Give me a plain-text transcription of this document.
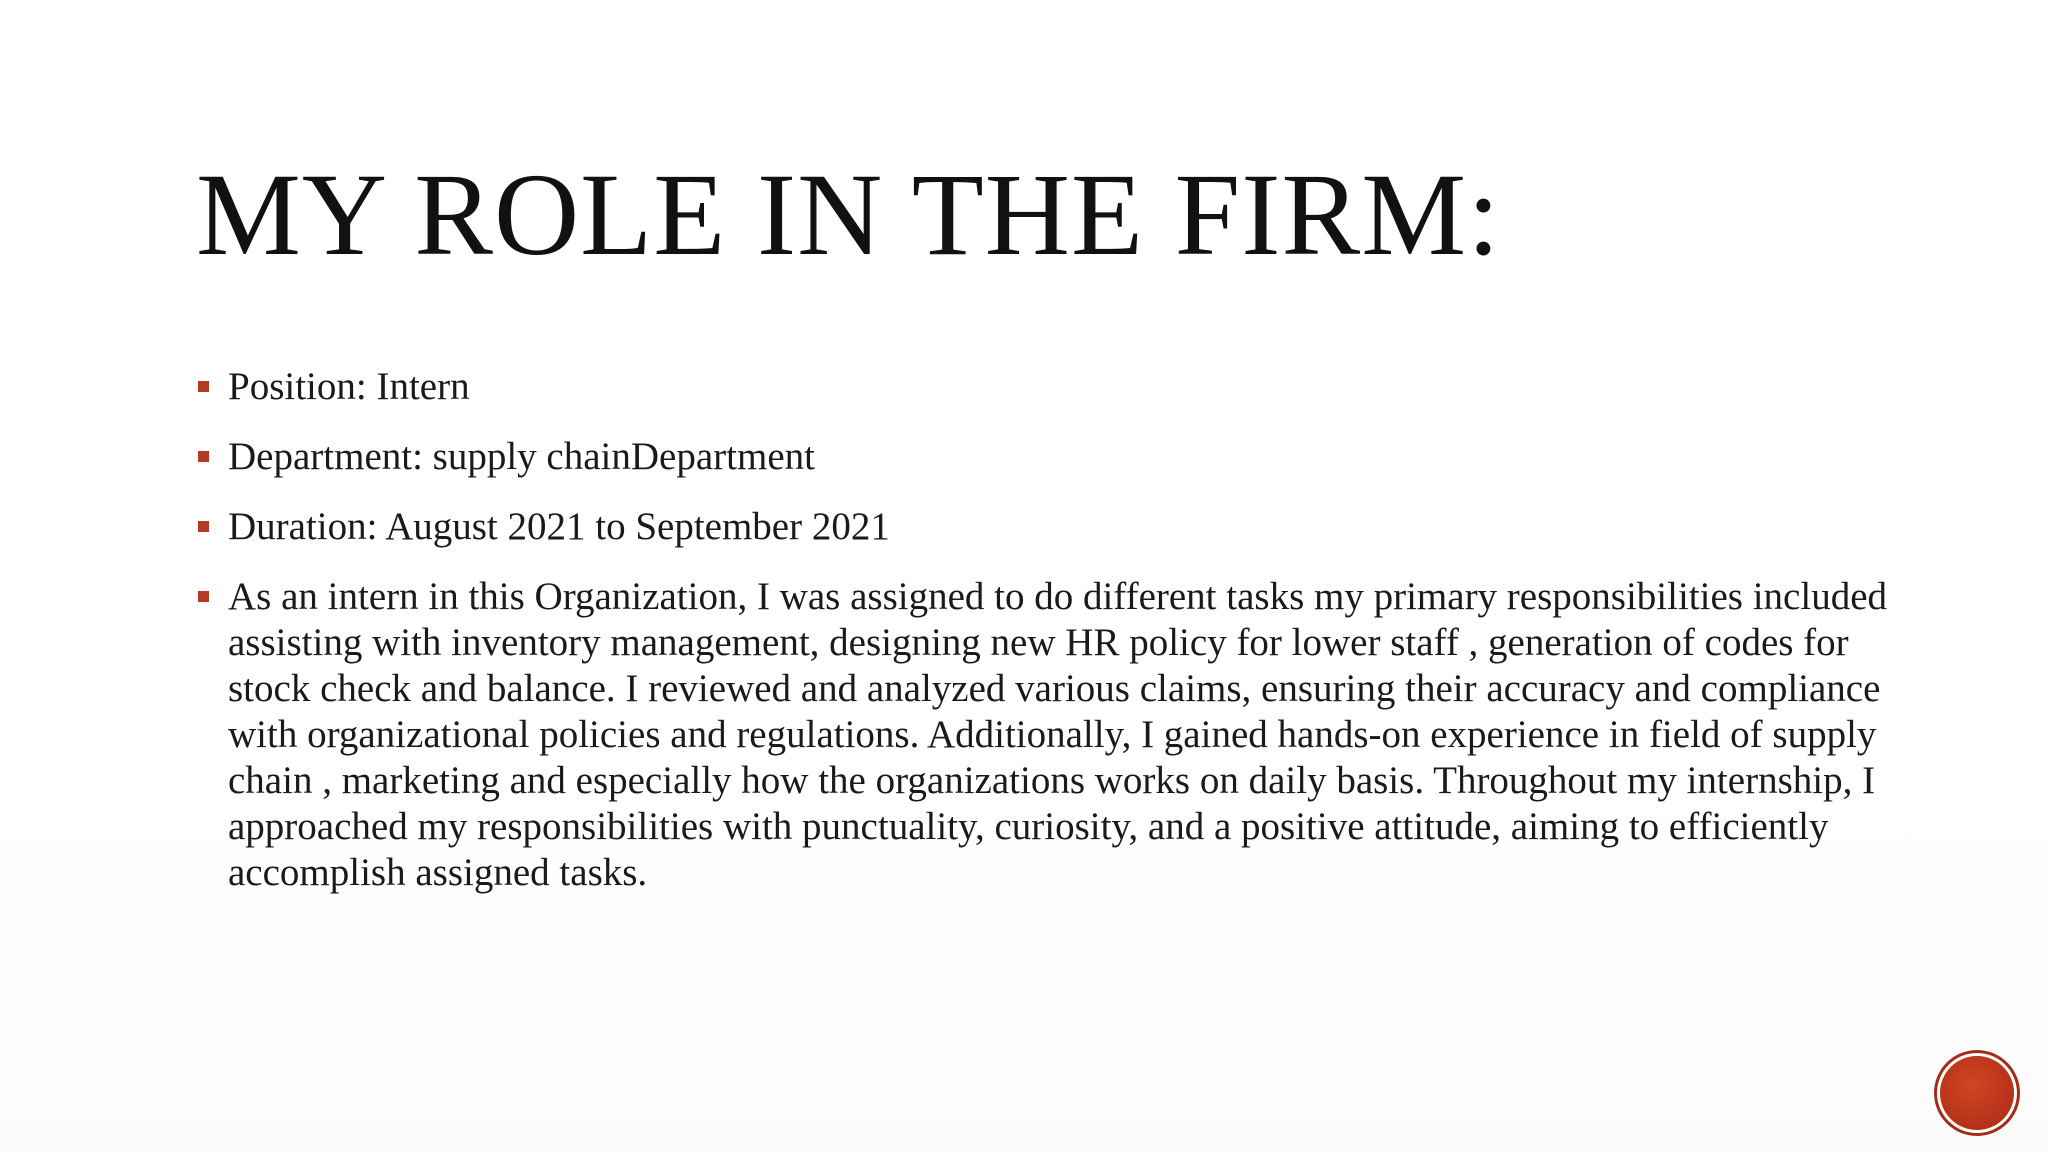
MY ROLE IN THE FIRM:
Position: Intern
Department: supply chainDepartment
Duration: August 2021 to September 2021
As an intern in this Organization, I was assigned to do different tasks my primary responsibilities included assisting with inventory management, designing new HR policy for lower staff , generation of codes for stock check and balance. I reviewed and analyzed various claims, ensuring their accuracy and compliance with organizational policies and regulations. Additionally, I gained hands-on experience in field of supply chain , marketing and especially how the organizations works on daily basis. Throughout my internship, I approached my responsibilities with punctuality, curiosity, and a positive attitude, aiming to efficiently accomplish assigned tasks.
